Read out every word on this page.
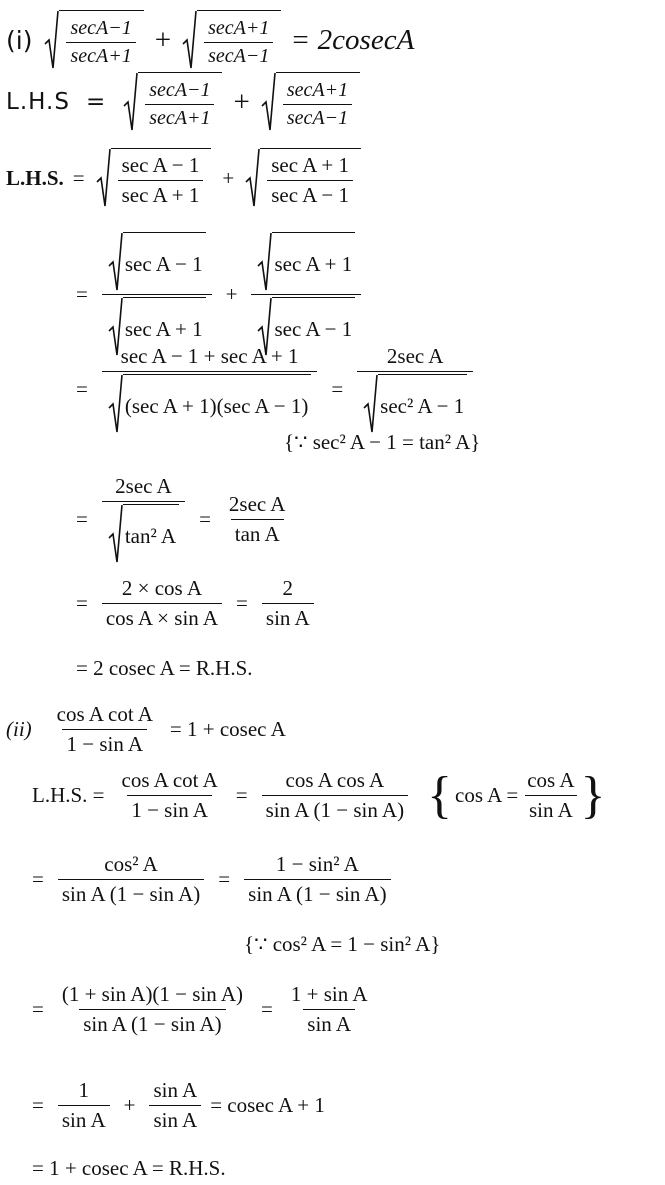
$(i) \frac{\sec A-1}{\sec A+1} + \frac{\sec A+1}{\sec A-1} = 2cosecA$
$L.H.S = \frac{\sec A-1}{\sec A+1} + \frac{\sec A+1}{\sec A-1}$
L.H.S. = $\frac{\text{sec A − 1}}{\text{sec A + 1}} + \frac{\text{sec A + 1}}{\text{sec A − 1}}$
= $\frac{\text{sec A − 1}}{\text{sec A + 1}} + \frac{\text{sec A + 1}}{\text{sec A − 1}}$
= $\frac{\text{sec A − 1 + sec A + 1}}{\text{(sec A + 1)(sec A − 1)}} = \frac{\text{2sec A}}{\text{sec² A − 1}}$
{∵ sec² A − 1 = tan² A}
= $\frac{\text{2sec A}}{\text{tan² A}} = \frac{\text{2sec A}}{\text{tan A}}$
= $\frac{\text{2 × cos A}}{\text{cos A × sin A}} = \frac{2}{\text{sin A}}$
= 2 cosec A = R.H.S.
$(ii) \frac{\text{cos A cot A}}{\text{1 − sin A}} = 1 + cosec$ A
L.H.S. = $\frac{\text{cos A cot A}}{\text{1 − sin A}} = \frac{\text{cos A cos A}}{\text{sin A (1 − sin A)}}$ { $\cos A = \frac{\text{cos A}}{\text{sin A}}$ }
= $\frac{\text{cos² A}}{\text{sin A (1 − sin A)}} = \frac{\text{1 − sin² A}}{\text{sin A (1 − sin A)}}$
{∵ cos² A = 1 − sin² A}
= $\frac{\text{(1 + sin A)(1 − sin A)}}{\text{sin A (1 − sin A)}} = \frac{\text{1 + sin A}}{\text{sin A}}$
= $\frac{1}{\text{sin A}} + \frac{\text{sin A}}{\text{sin A}} = cosec$ A + 1
= 1 + cosec A = R.H.S.
